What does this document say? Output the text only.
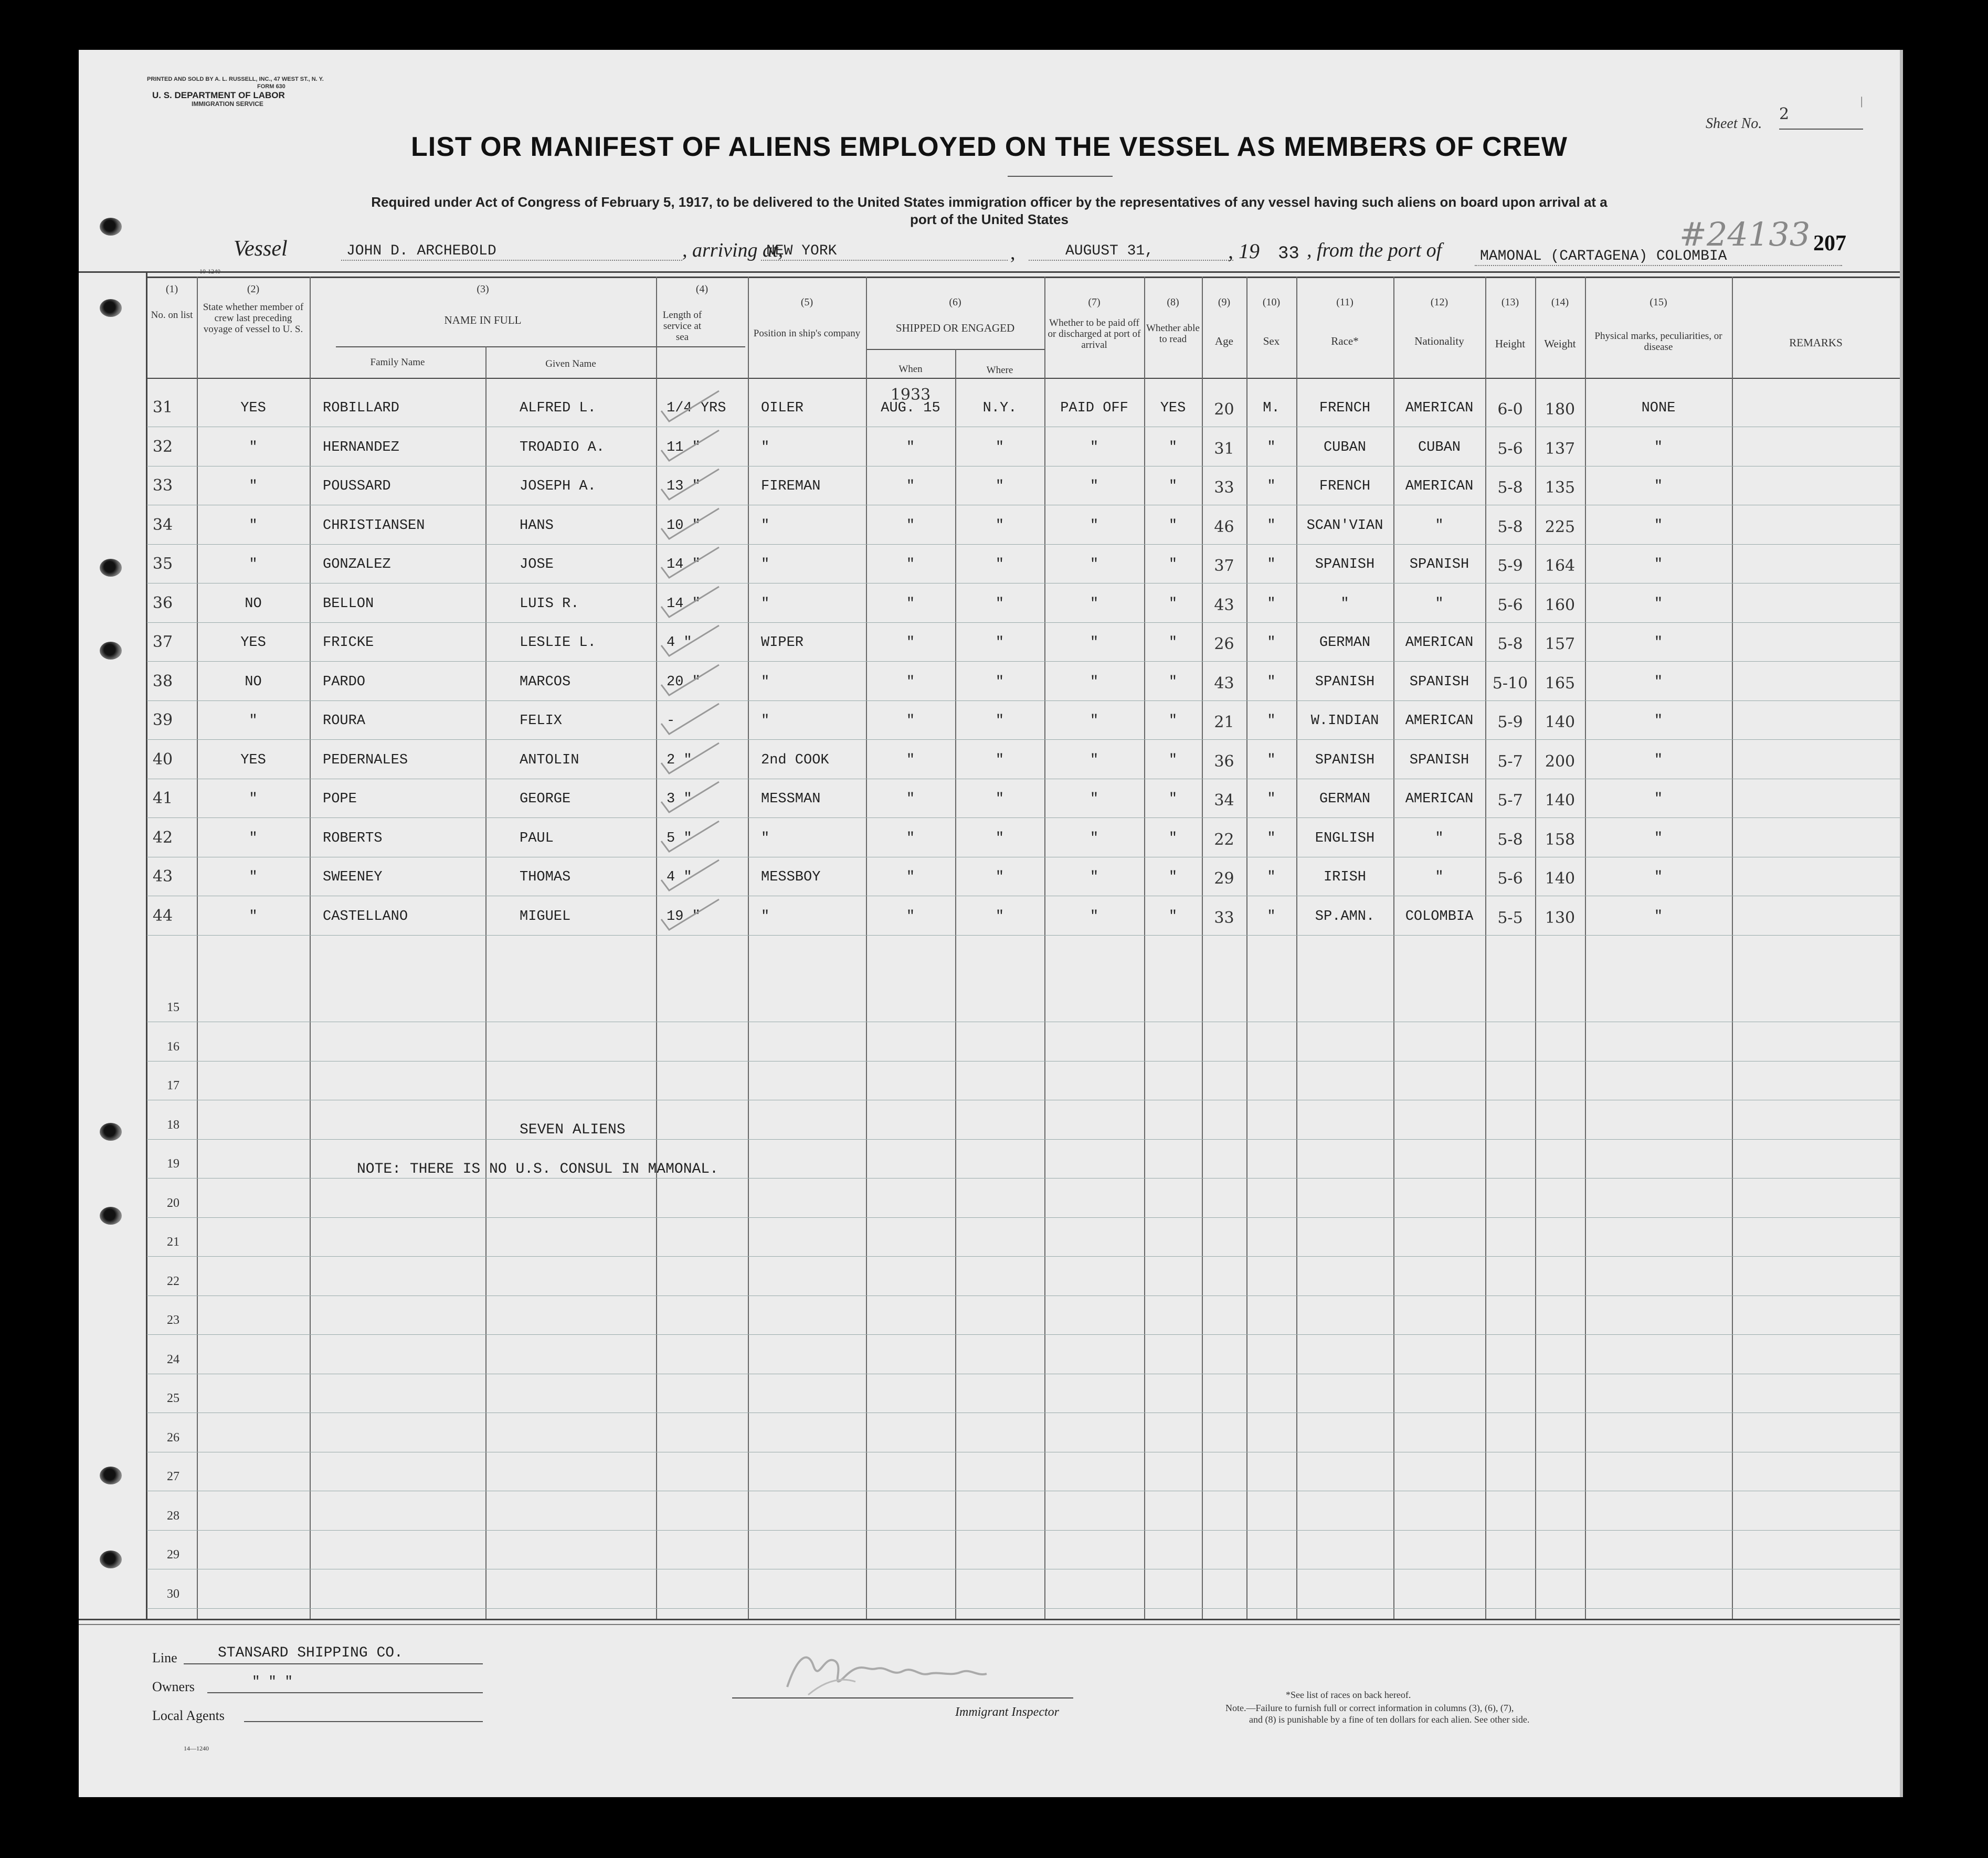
PRINTED AND SOLD BY A. L. RUSSELL, INC., 47 WEST ST., N. Y.
FORM 630
U. S. DEPARTMENT OF LABOR
IMMIGRATION SERVICE
Sheet No.
2
|
LIST OR MANIFEST OF ALIENS EMPLOYED ON THE VESSEL AS MEMBERS OF CREW
Required under Act of Congress of February 5, 1917, to be delivered to the United States immigration officer by the representatives of any vessel having such aliens on board upon arrival at a
port of the United States
Vessel	JOHN D. ARCHEBOLD	, arriving at,
NEW YORK	,	AUGUST 31,	, 19 33 , from the port of	MAMONAL (CARTAGENA) COLOMBIA
#24133 207
10-1240
(1)	(2)	(3)	(4)
(5)	(6)	(7)	(8)	(9)	(10)	(11)	(12)	(13)	(14)	(15)
No. on list
State whether member of crew last preceding voyage of vessel to U. S.
NAME IN FULL
Family Name	Given Name
Length of service at sea	Position in ship's company	SHIPPED OR ENGAGED
When	Where
Whether to be paid off or discharged at port of arrival
Whether able to read	Age	Sex	Race*	Nationality	Height	Weight
Physical marks, peculiarities, or disease	REMARKS
31	YES	ROBILLARD	ALFRED L.	1/4 YRS	OILER	AUG. 15	N.Y.	PAID OFF	YES	20	M.	FRENCH	AMERICAN	6-0	180	NONE
32	"	HERNANDEZ	TROADIO A.	11 "	"	"	"	"	"	31	"	CUBAN	CUBAN	5-6	137	"
33	"	POUSSARD	JOSEPH A.	13 "	FIREMAN	"	"	"	"	33	"	FRENCH	AMERICAN	5-8	135	"
34	"	CHRISTIANSEN	HANS	10 "	"	"	"	"	"	46	"	SCAN'VIAN	"	5-8	225	"
35	"	GONZALEZ	JOSE	14 "	"	"	"	"	"	37	"	SPANISH	SPANISH	5-9	164	"
36	NO	BELLON	LUIS R.	14 "	"	"	"	"	"	43	"	"	"	5-6	160	"
37	YES	FRICKE	LESLIE L.	4 "	WIPER	"	"	"	"	26	"	GERMAN	AMERICAN	5-8	157	"
38	NO	PARDO	MARCOS	20 "	"	"	"	"	"	43	"	SPANISH	SPANISH	5-10	165	"
39	"	ROURA	FELIX	-	"	"	"	"	"	21	"	W.INDIAN	AMERICAN	5-9	140	"
40	YES	PEDERNALES	ANTOLIN	2 "	2nd COOK	"	"	"	"	36	"	SPANISH	SPANISH	5-7	200	"
41	"	POPE	GEORGE	3 "	MESSMAN	"	"	"	"	34	"	GERMAN	AMERICAN	5-7	140	"
42	"	ROBERTS	PAUL	5 "	"	"	"	"	"	22	"	ENGLISH	"	5-8	158	"
43	"	SWEENEY	THOMAS	4 "	MESSBOY	"	"	"	"	29	"	IRISH	"	5-6	140	"
44	"	CASTELLANO	MIGUEL	19 "	"	"	"	"	"	33	"	SP.AMN.	COLOMBIA	5-5	130	"
1933
15
16
17
18
19
20
21
22
23
24
25
26
27
28
29
30
SEVEN ALIENS
NOTE: THERE IS NO U.S. CONSUL IN MAMONAL.
Line	STANSARD SHIPPING CO.
Owners	" " "
Local Agents
14—1240
Immigrant Inspector
*See list of races on back hereof.
Note.—Failure to furnish full or correct information in columns (3), (6), (7),
and (8) is punishable by a fine of ten dollars for each alien. See other side.
